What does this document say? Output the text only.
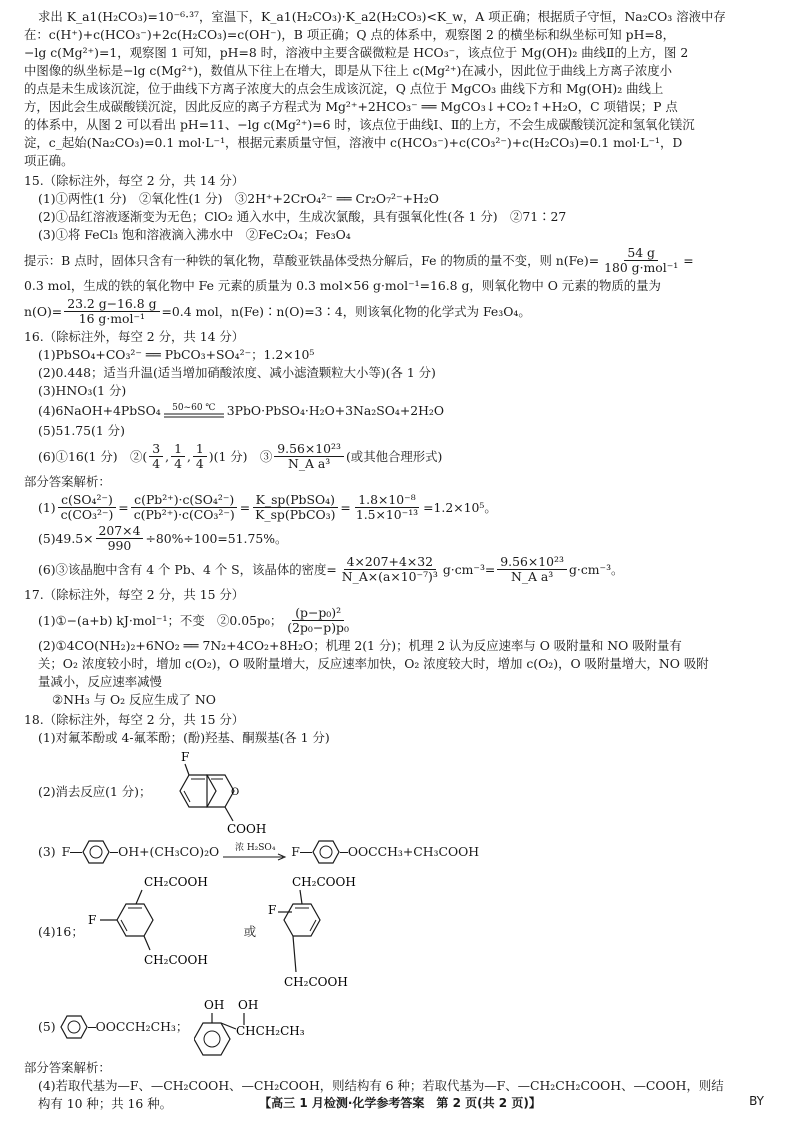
求出 K_a1(H₂CO₃)=10⁻⁶·³⁷，室温下，K_a1(H₂CO₃)·K_a2(H₂CO₃)<K_w，A 项正确；根据质子守恒，Na₂CO₃ 溶液中存

在：c(H⁺)+c(HCO₃⁻)+2c(H₂CO₃)=c(OH⁻)，B 项正确；Q 点的体系中，观察图 2 的横坐标和纵坐标可知 pH=8，

−lg c(Mg²⁺)=1，观察图 1 可知，pH=8 时，溶液中主要含碳微粒是 HCO₃⁻，该点位于 Mg(OH)₂ 曲线Ⅱ的上方，图 2

中图像的纵坐标是−lg c(Mg²⁺)，数值从下往上在增大，即是从下往上 c(Mg²⁺)在减小，因此位于曲线上方离子浓度小

的点是未生成该沉淀，位于曲线下方离子浓度大的点会生成该沉淀，Q 点位于 MgCO₃ 曲线下方和 Mg(OH)₂ 曲线上

方，因此会生成碳酸镁沉淀，因此反应的离子方程式为 Mg²⁺+2HCO₃⁻ ══ MgCO₃↓+CO₂↑+H₂O，C 项错误；P 点

的体系中，从图 2 可以看出 pH=11、−lg c(Mg²⁺)=6 时，该点位于曲线Ⅰ、Ⅱ的上方，不会生成碳酸镁沉淀和氢氧化镁沉

淀，c_起始(Na₂CO₃)=0.1 mol·L⁻¹，根据元素质量守恒，溶液中 c(HCO₃⁻)+c(CO₃²⁻)+c(H₂CO₃)=0.1 mol·L⁻¹，D

项正确。

15.（除标注外，每空 2 分，共 14 分）

(1)①两性(1 分)　②氧化性(1 分)　③2H⁺+2CrO₄²⁻ ══ Cr₂O₇²⁻+H₂O

(2)①品红溶液逐渐变为无色；ClO₂ 通入水中，生成次氯酸，具有强氧化性(各 1 分)　②71∶27

(3)①将 FeCl₃ 饱和溶液滴入沸水中　②FeC₂O₄；Fe₃O₄

提示：B 点时，固体只含有一种铁的氧化物，草酸亚铁晶体受热分解后，Fe 的物质的量不变，则 $n(Fe)= \frac{54 g}{\text{180 g·mol⁻¹}}$ =

0.3 mol，生成的铁的氧化物中 Fe 元素的质量为 0.3 mol×56 g·mol⁻¹=16.8 g，则氧化物中 O 元素的物质的量为

$n(O)= \frac{23.2 g-16.8 g}{\text{16 g·mol⁻¹}} =0.4$ mol，n(Fe)∶n(O)=3∶4，则该氧化物的化学式为 Fe₃O₄。

16.（除标注外，每空 2 分，共 14 分）

(1)PbSO₄+CO₃²⁻ ══ PbCO₃+SO₄²⁻；1.2×10⁵

(2)0.448；适当升温(适当增加硝酸浓度、减小滤渣颗粒大小等)(各 1 分)

(3)HNO₃(1 分)

(4)6NaOH+4PbSO₄ 50~60 ℃ 3PbO·PbSO₄·H₂O+3Na₂SO₄+2H₂O

(5)51.75(1 分)

(6)①16(1 分)　②( $\frac{3}{4}$ , $\frac{1}{4}$ , $\frac{1}{4} )(1$ 分)　③ $\frac{\text{9.56×10²³}}{\text{N\_A a³}}$ (或其他合理形式)

部分答案解析：

$(1) \frac{\text{c(SO₄²⁻)}}{\text{c(CO₃²⁻)}} = \frac{\text{c(Pb²⁺)·c(SO₄²⁻)}}{\text{c(Pb²⁺)·c(CO₃²⁻)}} = \frac{\text{K\_sp(PbSO₄)}}{\text{K\_sp(PbCO₃)}} = \frac{\text{1.8×10⁻⁸}}{\text{1.5×10⁻¹³}} =1.2\times 10^5$。
$(5)49.5\times \frac{207\times 4}{990} \div 80\%\div 100=51.75\%$。
(6)③该晶胞中含有 4 个 Pb、4 个 S，该晶体的密度= $\frac{4\times 207+4\times 32}{\text{N\_A×(a×10⁻⁷)³}} g\cdot cm^{-3}= \frac{\text{9.56×10²³}}{\text{N\_A a³}} g\cdot cm^{-3}$。

17.（除标注外，每空 2 分，共 15 分）

(1)①−(a+b) kJ·mol⁻¹；不变　②0.05p₀； $\frac{\text{(p−p₀)²}}{\text{(2p₀−p)p₀}}$

(2)①4CO(NH₂)₂+6NO₂ ══ 7N₂+4CO₂+8H₂O；机理 2(1 分)；机理 2 认为反应速率与 O 吸附量和 NO 吸附量有

关；O₂ 浓度较小时，增加 c(O₂)，O 吸附量增大，反应速率加快，O₂ 浓度较大时，增加 c(O₂)，O 吸附量增大，NO 吸附

量减小，反应速率减慢

②NH₃ 与 O₂ 反应生成了 NO

18.（除标注外，每空 2 分，共 15 分）

(1)对氟苯酚或 4-氟苯酚；(酚)羟基、酮羰基(各 1 分)

(2)消去反应(1 分)；
F
O
COOH
(3) F	OH+(CH₃CO)₂O 浓 H₂SO₄ F	OOCCH₃+CH₃COOH
(4)16；
CH₂COOH
F
CH₂COOH
或
CH₂COOH
F
CH₂COOH
(5)	OOCCH₂CH₃；
OH OH
CHCH₂CH₃

部分答案解析：

(4)若取代基为—F、—CH₂COOH、—CH₂COOH，则结构有 6 种；若取代基为—F、—CH₂CH₂COOH、—COOH，则结

构有 10 种；共 16 种。	【高三 1 月检测·化学参考答案　第 2 页(共 2 页)】	BY
